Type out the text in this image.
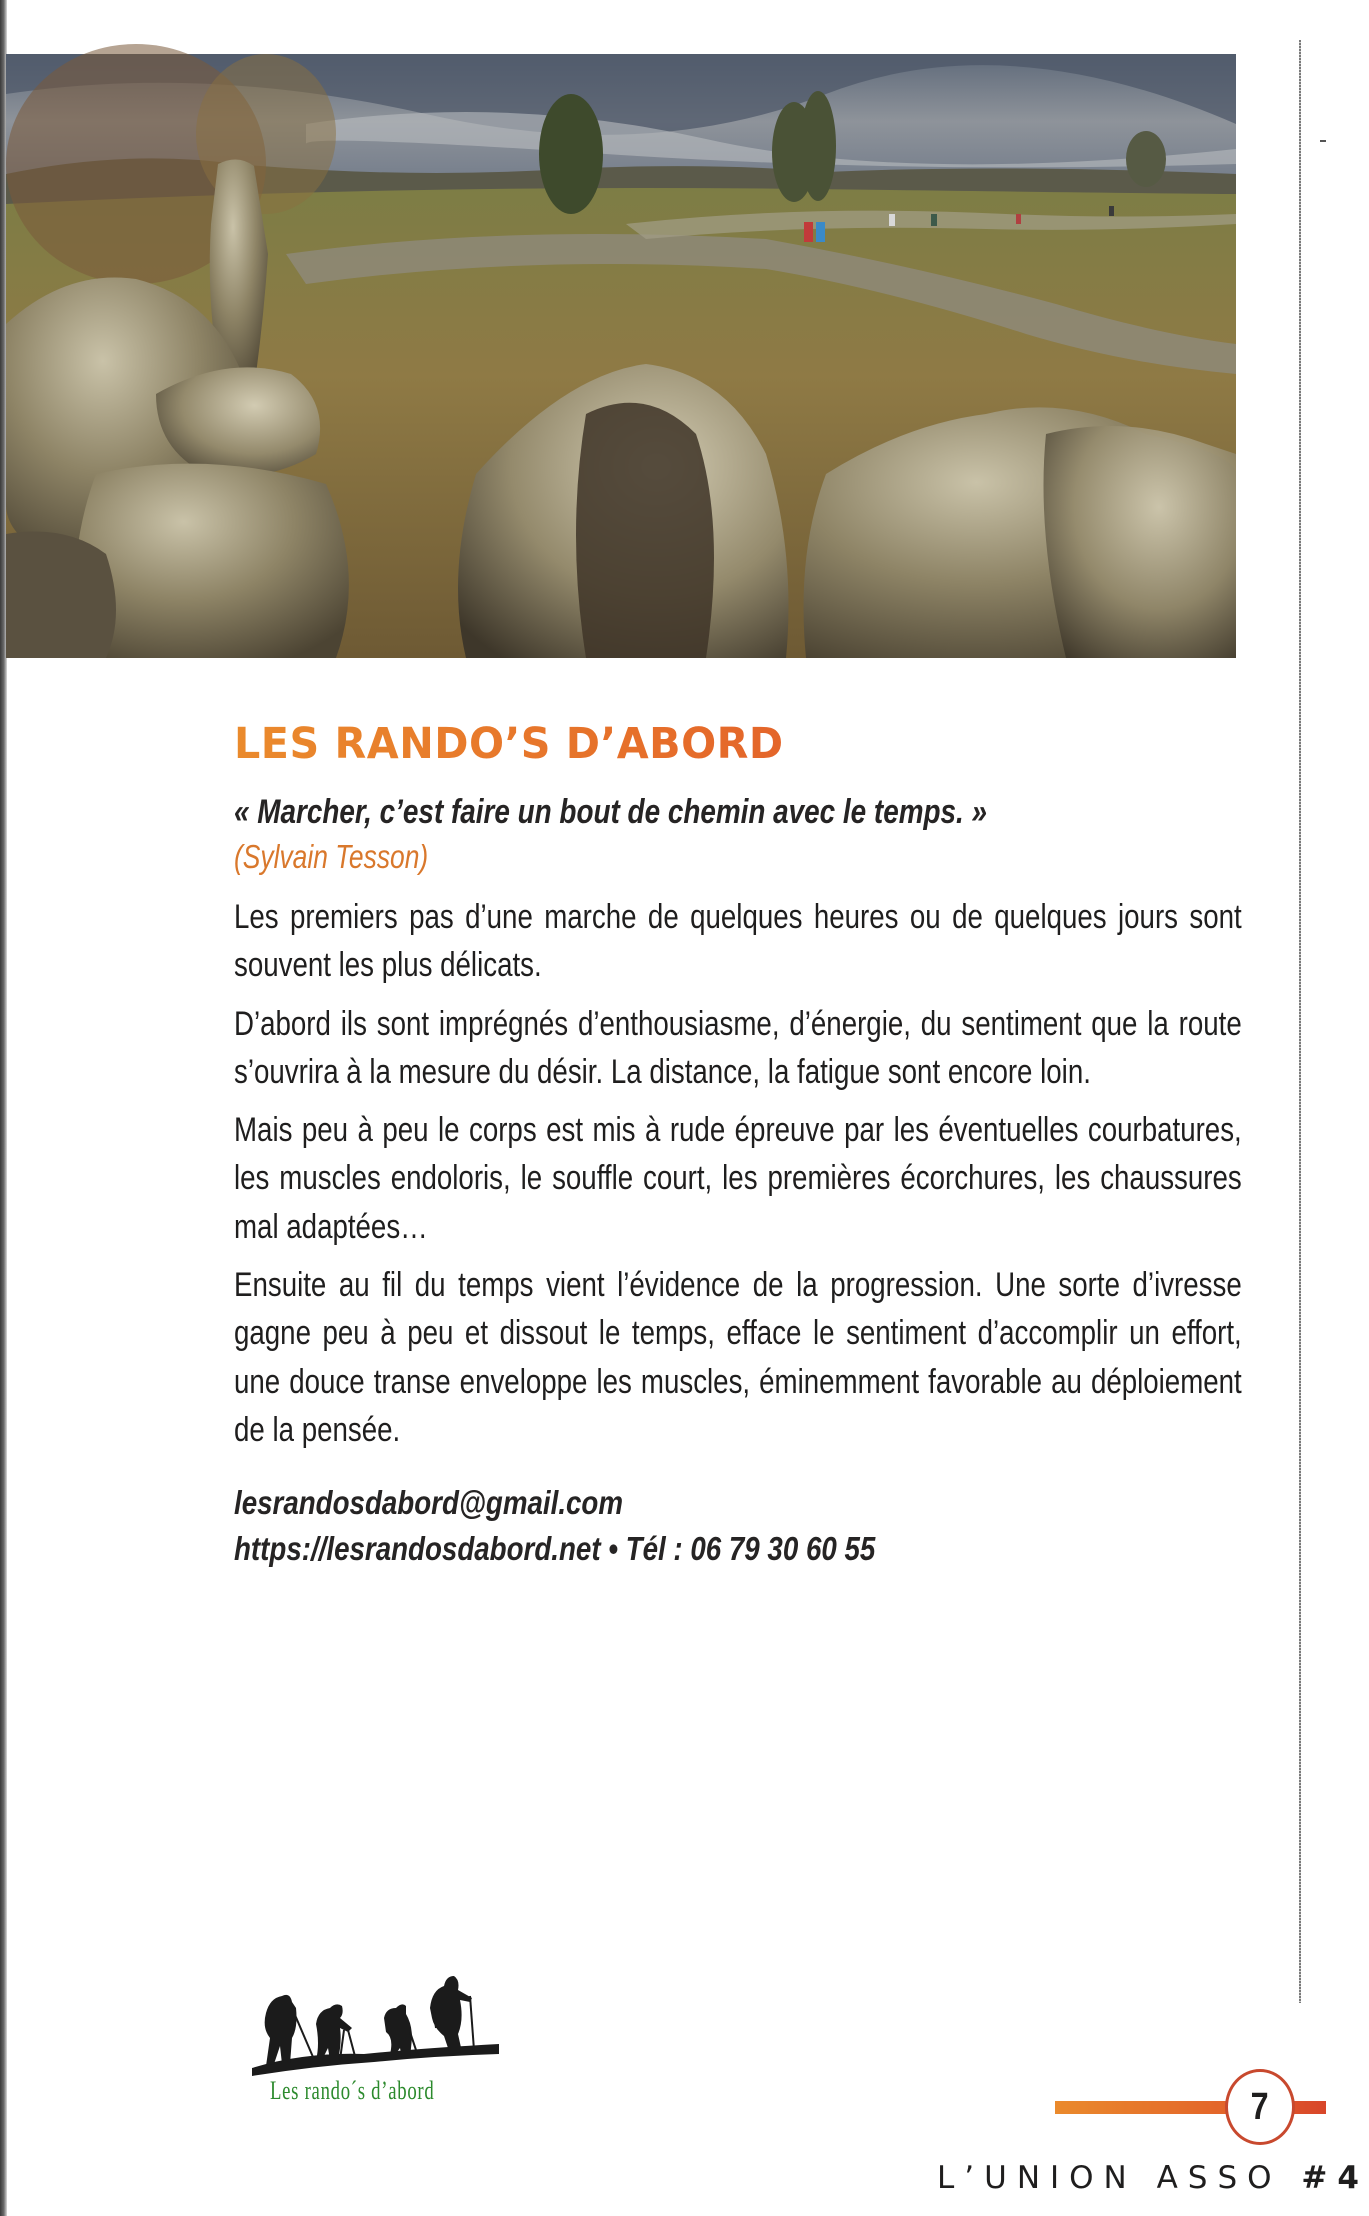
LES RANDO’S D’ABORD
« Marcher, c’est faire un bout de chemin avec le temps. »
(Sylvain Tesson)

Les premiers pas d’une marche de quelques heures ou de quelques jours sont souvent les plus délicats.

D’abord ils sont imprégnés d’enthousiasme, d’énergie, du sentiment que la route s’ouvrira à la mesure du désir. La distance, la fatigue sont encore loin.

Mais peu à peu le corps est mis à rude épreuve par les éventuelles courbatures, les muscles endoloris, le souffle court, les premières écorchures, les chaussures mal adaptées…

Ensuite au fil du temps vient l’évidence de la progression. Une sorte d’ivresse gagne peu à peu et dissout le temps, efface le sentiment d’accomplir un effort, une douce transe enveloppe les muscles, éminemment favorable au déploiement de la pensée.

lesrandosdabord@gmail.com
https://lesrandosdabord.net • Tél : 06 79 30 60 55
Les rando´s d’abord	7
L’UNION ASSO #4
